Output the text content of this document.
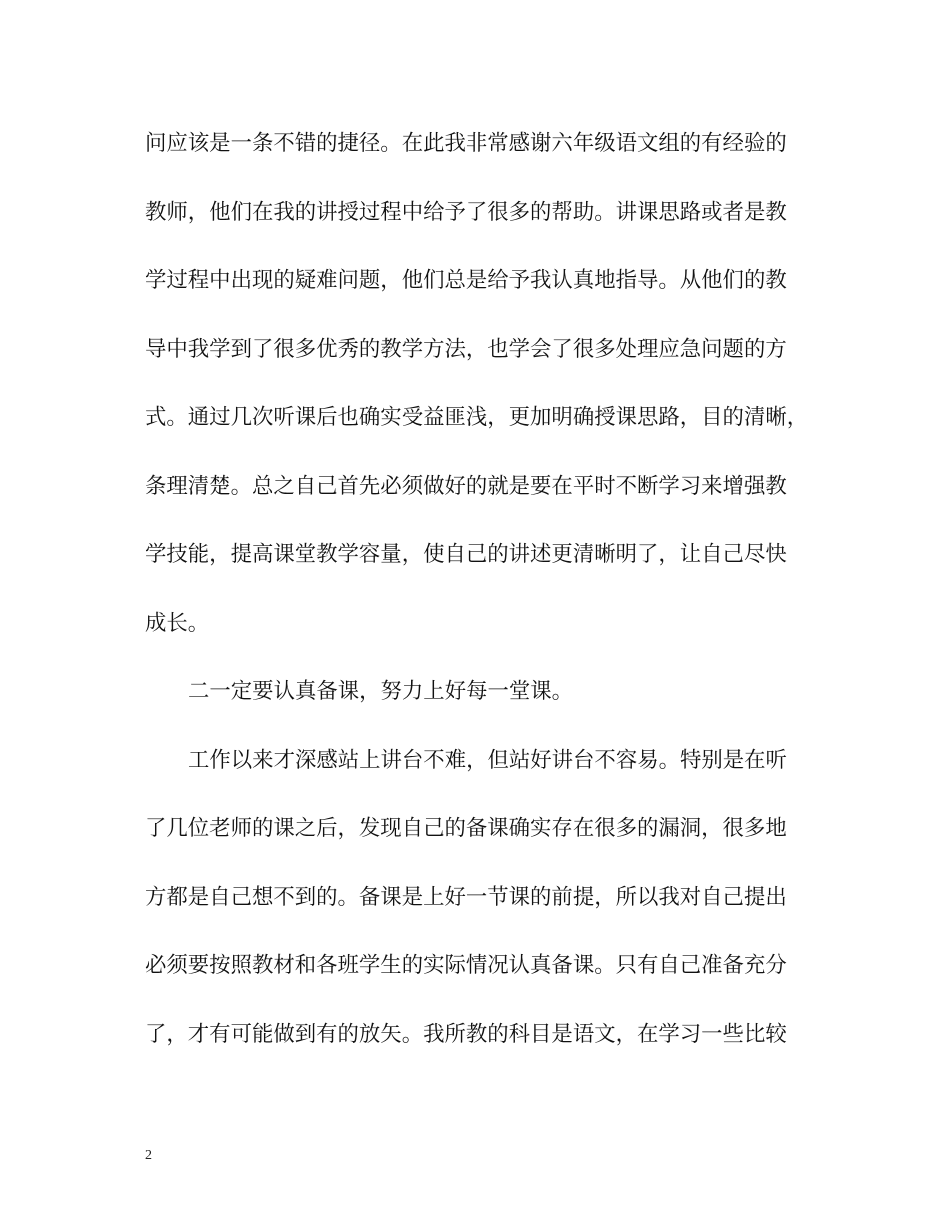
问应该是一条不错的捷径。在此我非常感谢六年级语文组的有经验的
教师，他们在我的讲授过程中给予了很多的帮助。讲课思路或者是教
学过程中出现的疑难问题，他们总是给予我认真地指导。从他们的教
导中我学到了很多优秀的教学方法，也学会了很多处理应急问题的方
式。通过几次听课后也确实受益匪浅，更加明确授课思路，目的清晰，
条理清楚。总之自己首先必须做好的就是要在平时不断学习来增强教
学技能，提高课堂教学容量，使自己的讲述更清晰明了，让自己尽快
成长。
二一定要认真备课，努力上好每一堂课。
工作以来才深感站上讲台不难，但站好讲台不容易。特别是在听
了几位老师的课之后，发现自己的备课确实存在很多的漏洞，很多地
方都是自己想不到的。备课是上好一节课的前提，所以我对自己提出
必须要按照教材和各班学生的实际情况认真备课。只有自己准备充分
了，才有可能做到有的放矢。我所教的科目是语文，在学习一些比较
2
